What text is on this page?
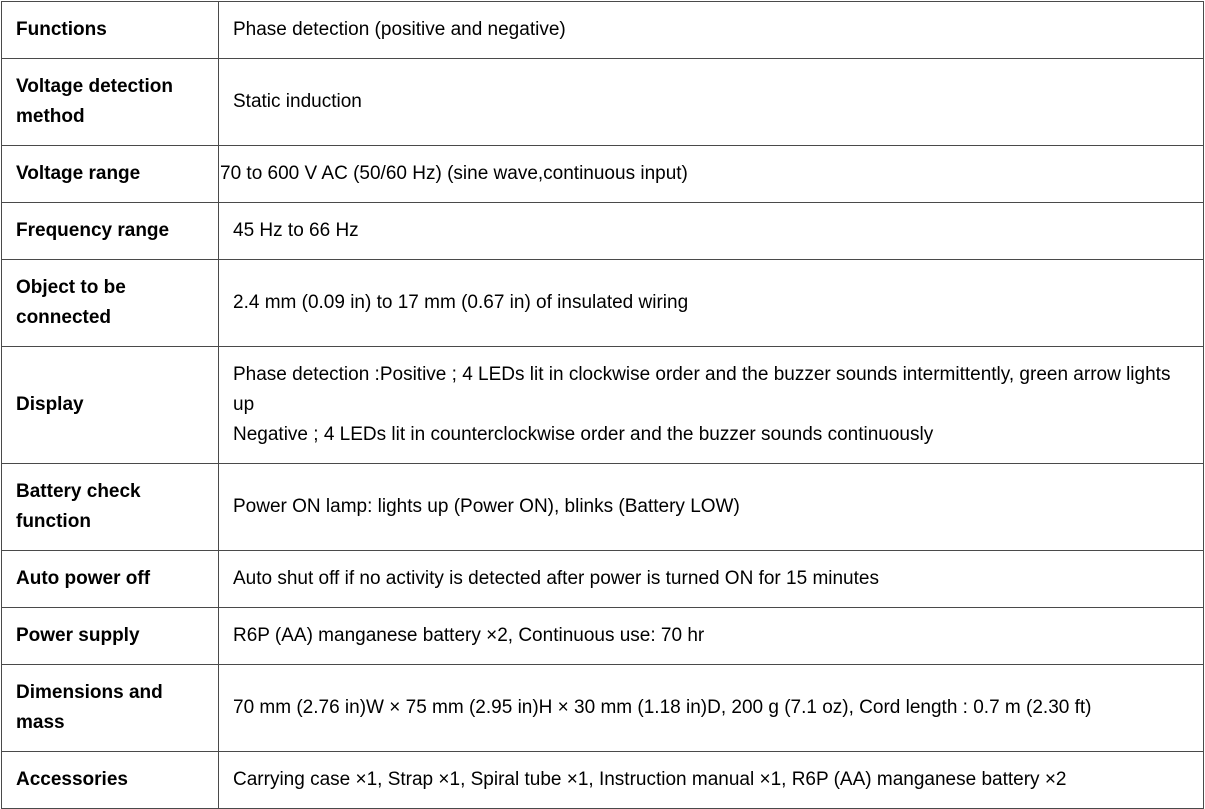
Functions	Phase detection (positive and negative)
Voltage detection method	Static induction
Voltage range	70 to 600 V AC (50/60 Hz) (sine wave,continuous input)
Frequency range	45 Hz to 66 Hz
Object to be connected	2.4 mm (0.09 in) to 17 mm (0.67 in) of insulated wiring
Display	Phase detection :Positive ; 4 LEDs lit in clockwise order and the buzzer sounds intermittently, green arrow lights up
Negative ; 4 LEDs lit in counterclockwise order and the buzzer sounds continuously

Battery check function	Power ON lamp: lights up (Power ON), blinks (Battery LOW)
Auto power off	Auto shut off if no activity is detected after power is turned ON for 15 minutes
Power supply	R6P (AA) manganese battery ×2, Continuous use: 70 hr
Dimensions and mass	70 mm (2.76 in)W × 75 mm (2.95 in)H × 30 mm (1.18 in)D, 200 g (7.1 oz), Cord length : 0.7 m (2.30 ft)
Accessories	Carrying case ×1, Strap ×1, Spiral tube ×1, Instruction manual ×1, R6P (AA) manganese battery ×2
